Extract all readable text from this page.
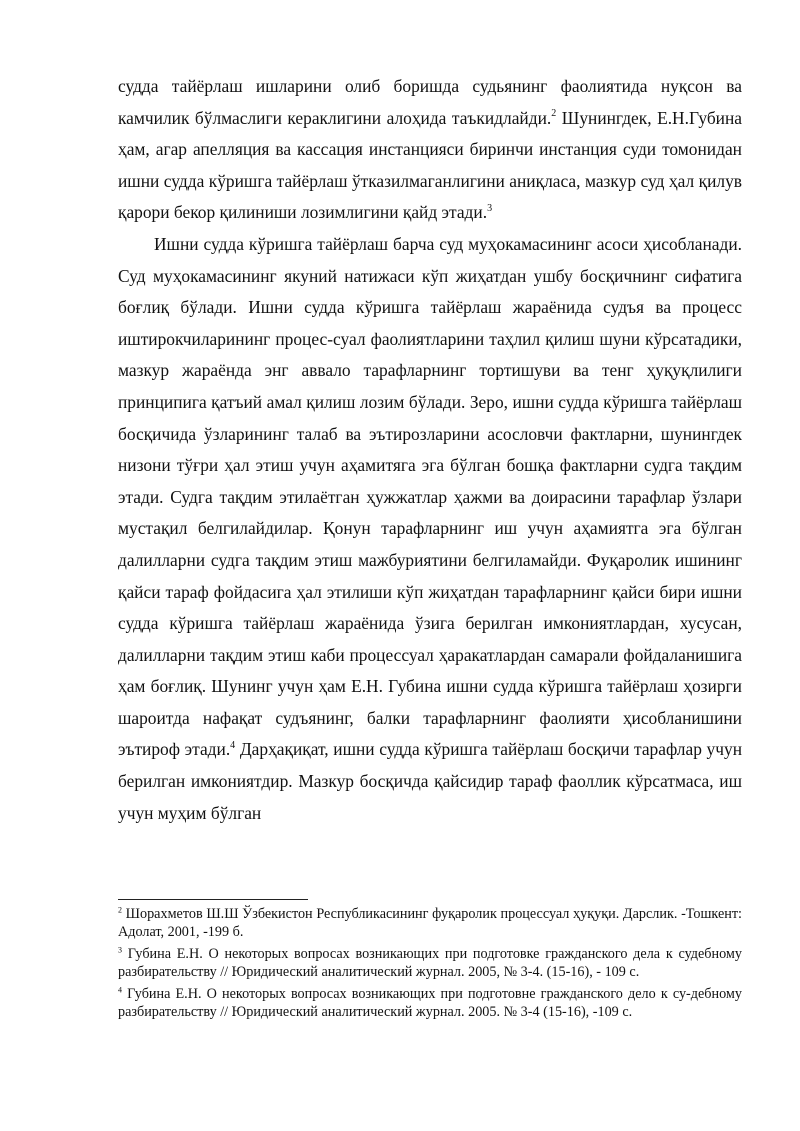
судда тайёрлаш ишларини олиб боришда судьянинг фаолиятида нуқсон ва камчилик бўлмаслиги кераклигини алоҳида таъкидлайди.$^2$ Шунингдек, Е.Н.Губина ҳам, агар апелляция ва кассация инстанцияси биринчи инстанция суди томонидан ишни судда кўришга тайёрлаш ўтказилмаганлигини аниқласа, мазкур суд ҳал қилув қарори бекор қилиниши лозимлигини қайд этади.$^3$

Ишни судда кўришга тайёрлаш барча суд муҳокамасининг асоси ҳисобланади. Суд муҳокамасининг якуний натижаси кўп жиҳатдан ушбу босқичнинг сифатига боғлиқ бўлади. Ишни судда кўришга тайёрлаш жараёнида судъя ва процесс иштирокчиларининг процес-суал фаолиятларини таҳлил қилиш шуни кўрсатадики, мазкур жараёнда энг аввало тарафларнинг тортишуви ва тенг ҳуқуқлилиги принципига қатъий амал қилиш лозим бўлади. Зеро, ишни судда кўришга тайёрлаш босқичида ўзларининг талаб ва эътирозларини асословчи фактларни, шунингдек низони тўғри ҳал этиш учун аҳамитяга эга бўлган бошқа фактларни судга тақдим этади. Судга тақдим этилаётган ҳужжатлар ҳажми ва доирасини тарафлар ўзлари мустақил белгилайдилар. Қонун тарафларнинг иш учун аҳамиятга эга бўлган далилларни судга тақдим этиш мажбуриятини белгиламайди. Фуқаролик ишининг қайси тараф фойдасига ҳал этилиши кўп жиҳатдан тарафларнинг қайси бири ишни судда кўришга тайёрлаш жараёнида ўзига берилган имкониятлардан, хусусан, далилларни тақдим этиш каби процессуал ҳаракатлардан самарали фойдаланишига ҳам боғлиқ. Шунинг учун ҳам Е.Н. Губина ишни судда кўришга тайёрлаш ҳозирги шароитда нафақат судъянинг, балки тарафларнинг фаолияти ҳисобланишини эътироф этади.$^4$ Дарҳақиқат, ишни судда кўришга тайёрлаш босқичи тарафлар учун берилган имкониятдир. Мазкур босқичда қайсидир тараф фаоллик кўрсатмаса, иш учун муҳим бўлган

$^2$ Шорахметов Ш.Ш Ўзбекистон Республикасининг фуқаролик процессуал ҳуқуқи. Дарслик. -Тошкент: Адолат, 2001, -199 б.

$^3$ Губина Е.Н. О некоторых вопросах возникающих при подготовке гражданского дела к судебному разбирательству // Юридический аналитический журнал. 2005, № 3-4. (15-16), - 109 с.

$^4$ Губина Е.Н. О некоторых вопросах возникающих при подготовне гражданского дело к су-дебному разбирательству // Юридический аналитический журнал. 2005. № 3-4 (15-16), -109 с.
